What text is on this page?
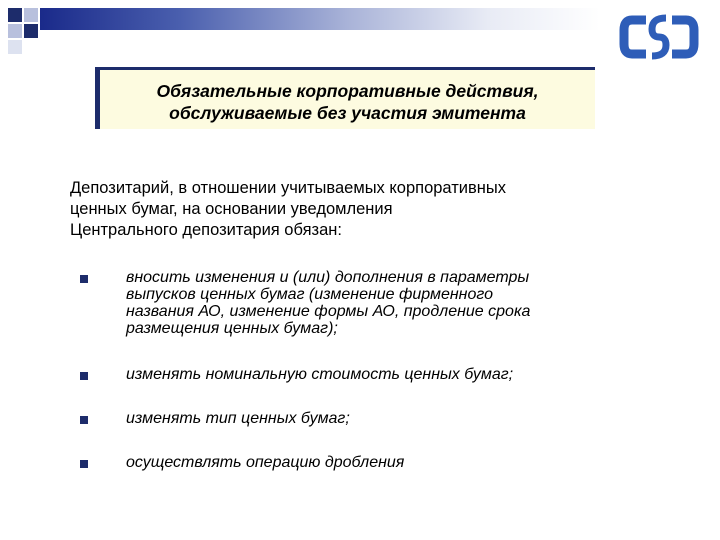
Обязательные корпоративные действия,
обслуживаемые без участия эмитента
Депозитарий, в отношении учитываемых корпоративных
ценных бумаг, на основании уведомления
Центрального депозитария обязан:
вносить изменения и (или) дополнения в параметры
выпусков ценных бумаг (изменение фирменного
названия АО, изменение формы АО, продление срока
размещения ценных бумаг);
изменять номинальную стоимость ценных бумаг;
изменять тип ценных бумаг;
осуществлять операцию дробления
